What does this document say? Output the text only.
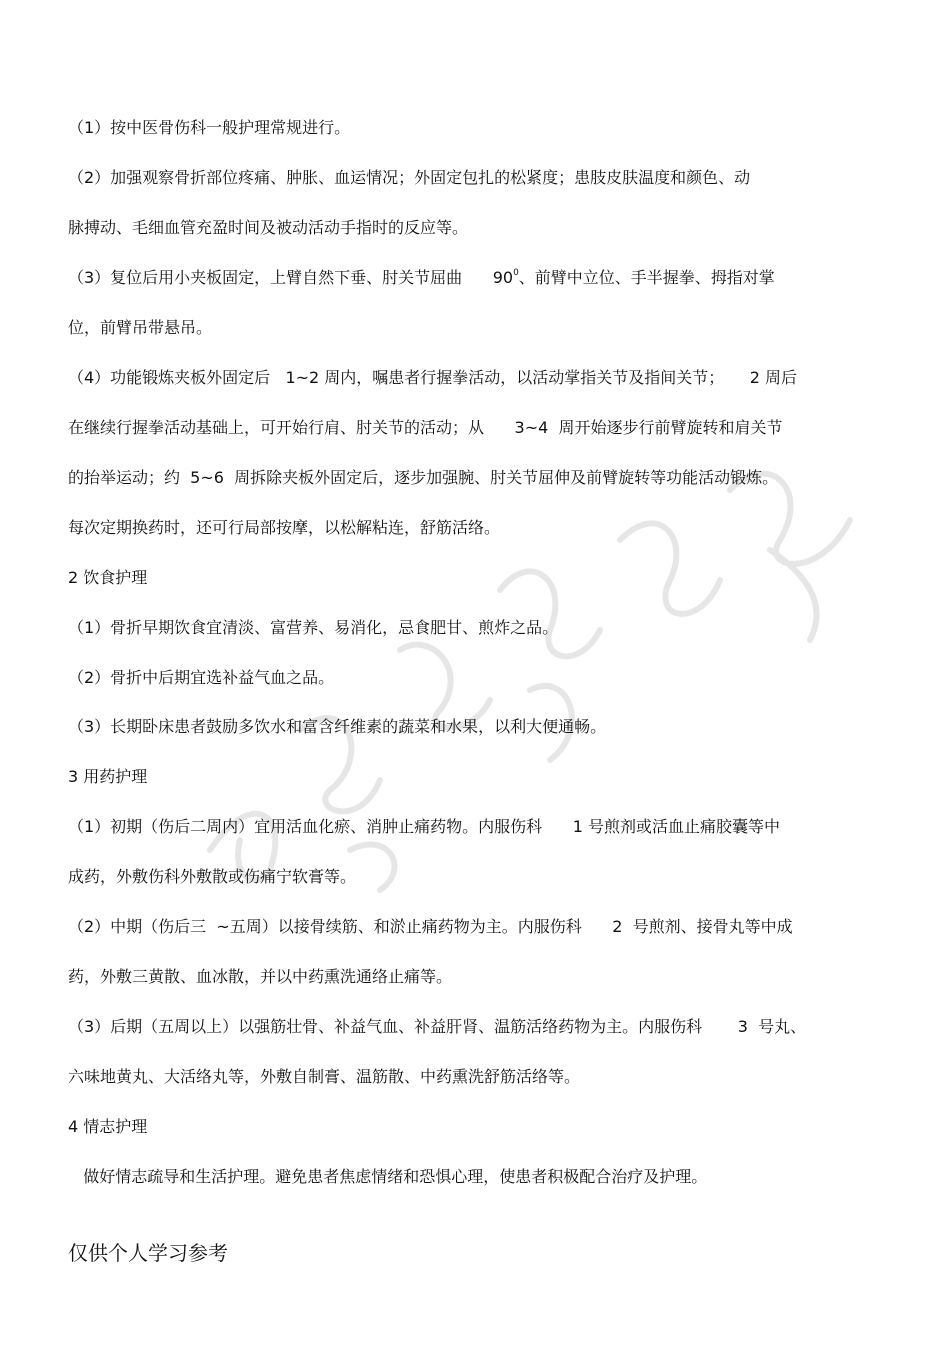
（1）按中医骨伤科一般护理常规进行。
（2）加强观察骨折部位疼痛、肿胀、血运情况；外固定包扎的松紧度；患肢皮肤温度和颜色、动
脉搏动、毛细血管充盈时间及被动活动手指时的反应等。
（3）复位后用小夹板固定，上臂自然下垂、肘关节屈曲      $90^0$、前臂中立位、手半握拳、拇指对掌
位，前臂吊带悬吊。
（4）功能锻炼夹板外固定后   1~2 周内，嘱患者行握拳活动，以活动掌指关节及指间关节；     2 周后
在继续行握拳活动基础上，可开始行肩、肘关节的活动；从      3~4  周开始逐步行前臂旋转和肩关节
的抬举运动；约  5~6  周拆除夹板外固定后，逐步加强腕、肘关节屈伸及前臂旋转等功能活动锻炼。
每次定期换药时，还可行局部按摩，以松解粘连，舒筋活络。
2 饮食护理
（1）骨折早期饮食宜清淡、富营养、易消化，忌食肥甘、煎炸之品。
（2）骨折中后期宜选补益气血之品。
（3）长期卧床患者鼓励多饮水和富含纤维素的蔬菜和水果，以利大便通畅。
3 用药护理
（1）初期（伤后二周内）宜用活血化瘀、消肿止痛药物。内服伤科      1 号煎剂或活血止痛胶囊等中
成药，外敷伤科外敷散或伤痛宁软膏等。
（2）中期（伤后三  ~五周）以接骨续筋、和淤止痛药物为主。内服伤科      2  号煎剂、接骨丸等中成
药，外敷三黄散、血冰散，并以中药熏洗通络止痛等。
（3）后期（五周以上）以强筋壮骨、补益气血、补益肝肾、温筋活络药物为主。内服伤科       3  号丸、
六味地黄丸、大活络丸等，外敷自制膏、温筋散、中药熏洗舒筋活络等。
4 情志护理
做好情志疏导和生活护理。避免患者焦虑情绪和恐惧心理，使患者积极配合治疗及护理。
仅供个人学习参考
